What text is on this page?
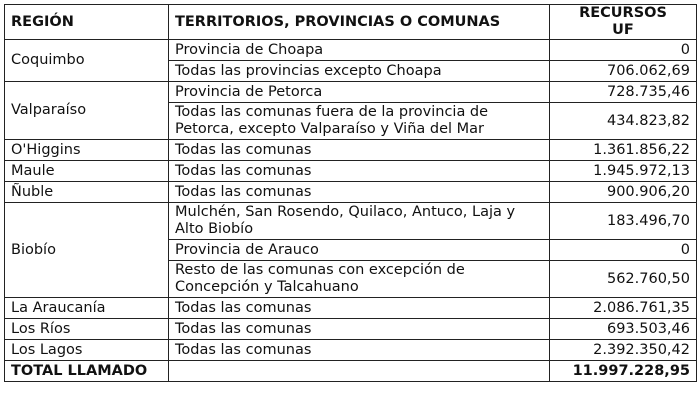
REGIÓN	TERRITORIOS, PROVINCIAS O COMUNAS	RECURSOS
UF
Coquimbo	Provincia de Choapa	0
	Todas las provincias excepto Choapa	706.062,69
Valparaíso	Provincia de Petorca	728.735,46
	Todas las comunas fuera de la provincia de Petorca, excepto Valparaíso y Viña del Mar	434.823,82
O'Higgins	Todas las comunas	1.361.856,22
Maule	Todas las comunas	1.945.972,13
Ñuble	Todas las comunas	900.906,20
Biobío	Mulchén, San Rosendo, Quilaco, Antuco, Laja y Alto Biobío	183.496,70
	Provincia de Arauco	0
	Resto de las comunas con excepción de Concepción y Talcahuano	562.760,50
La Araucanía	Todas las comunas	2.086.761,35
Los Ríos	Todas las comunas	693.503,46
Los Lagos	Todas las comunas	2.392.350,42
TOTAL LLAMADO		11.997.228,95
